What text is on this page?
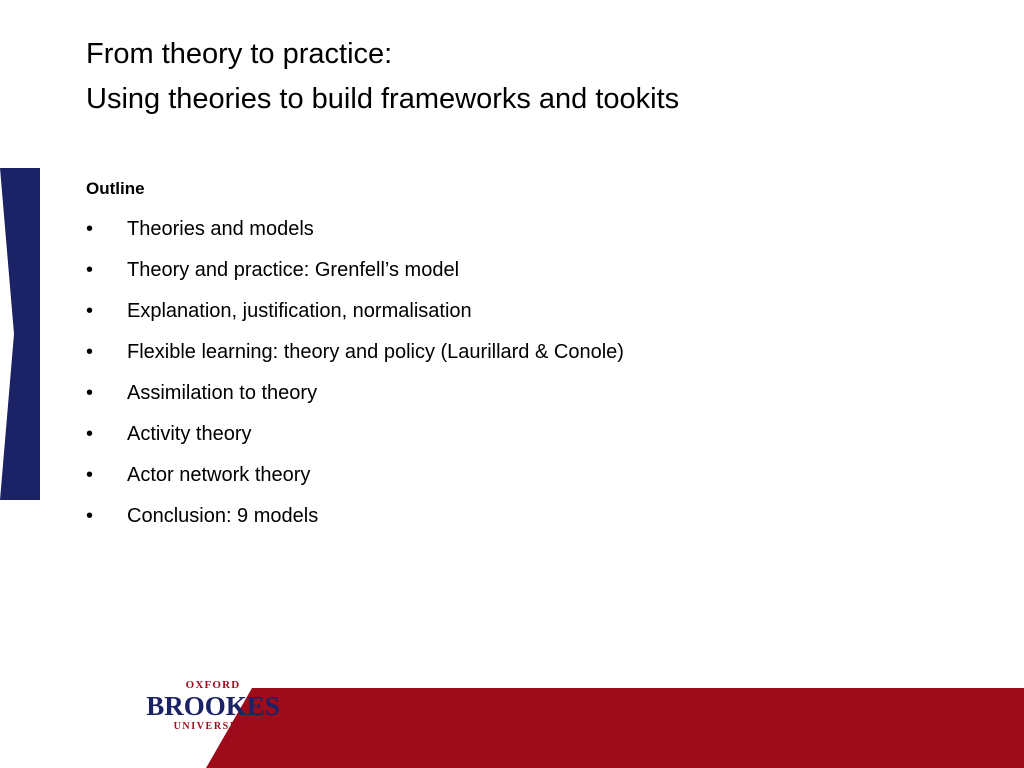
From theory to practice:
Using theories to build frameworks and tookits
Outline
•	Theories and models
•	Theory and practice: Grenfell’s model
•	Explanation, justification, normalisation
•	Flexible learning: theory and policy (Laurillard & Conole)
•	Assimilation to theory
•	Activity theory
•	Actor network theory
•	Conclusion: 9 models
OXFORD
BROOKES
UNIVERSITY
